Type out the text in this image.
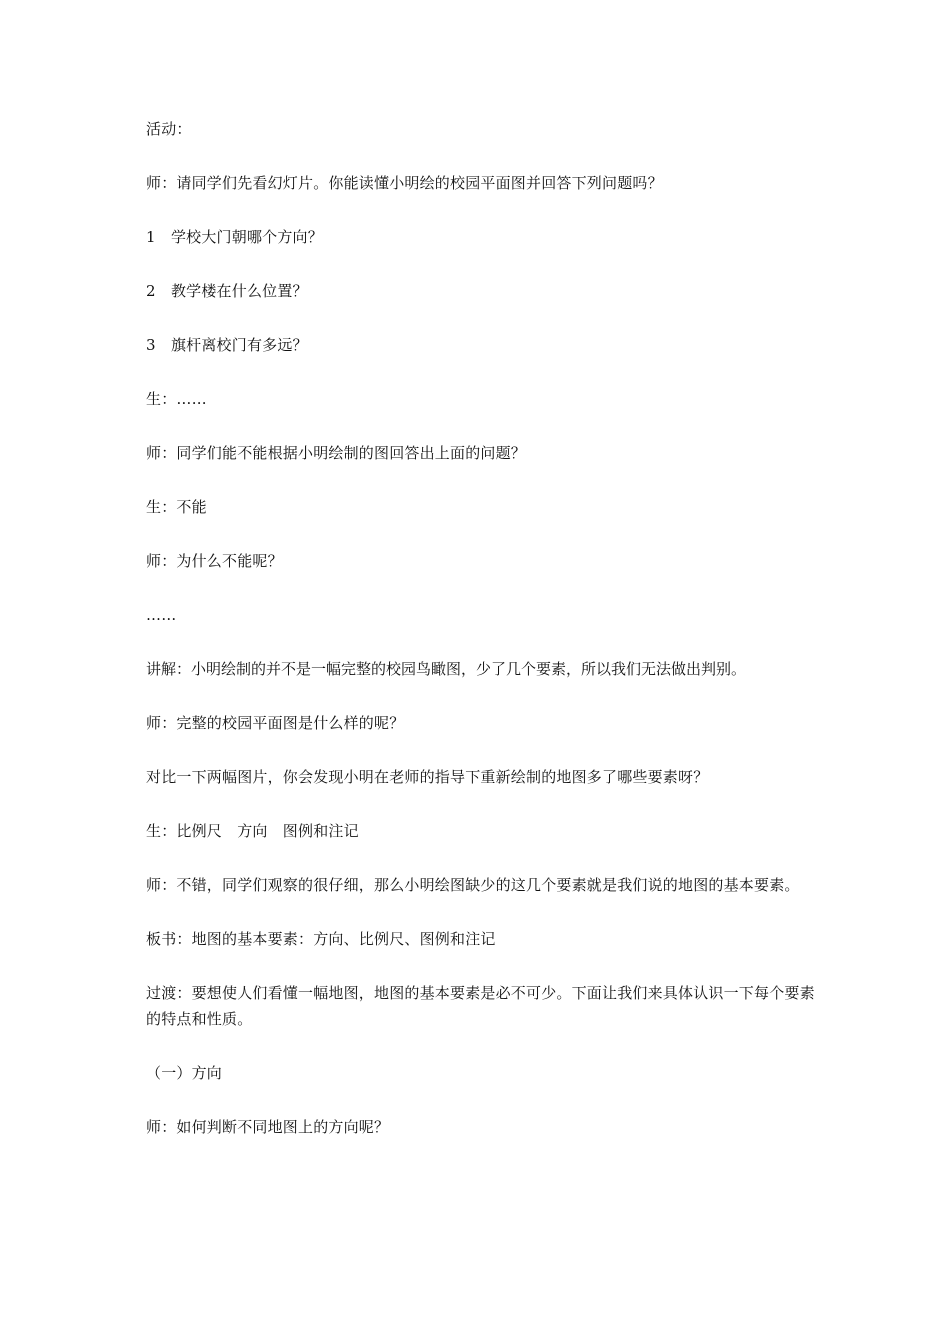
活动：

师：请同学们先看幻灯片。你能读懂小明绘的校园平面图并回答下列问题吗？

1　学校大门朝哪个方向？

2　教学楼在什么位置？

3　旗杆离校门有多远？

生：……

师：同学们能不能根据小明绘制的图回答出上面的问题？

生：不能

师：为什么不能呢？

……

讲解：小明绘制的并不是一幅完整的校园鸟瞰图，少了几个要素，所以我们无法做出判别。

师：完整的校园平面图是什么样的呢？

对比一下两幅图片，你会发现小明在老师的指导下重新绘制的地图多了哪些要素呀？

生：比例尺　方向　图例和注记

师：不错，同学们观察的很仔细，那么小明绘图缺少的这几个要素就是我们说的地图的基本要素。

板书：地图的基本要素：方向、比例尺、图例和注记

过渡：要想使人们看懂一幅地图，地图的基本要素是必不可少。下面让我们来具体认识一下每个要素的特点和性质。

（一）方向

师：如何判断不同地图上的方向呢？
